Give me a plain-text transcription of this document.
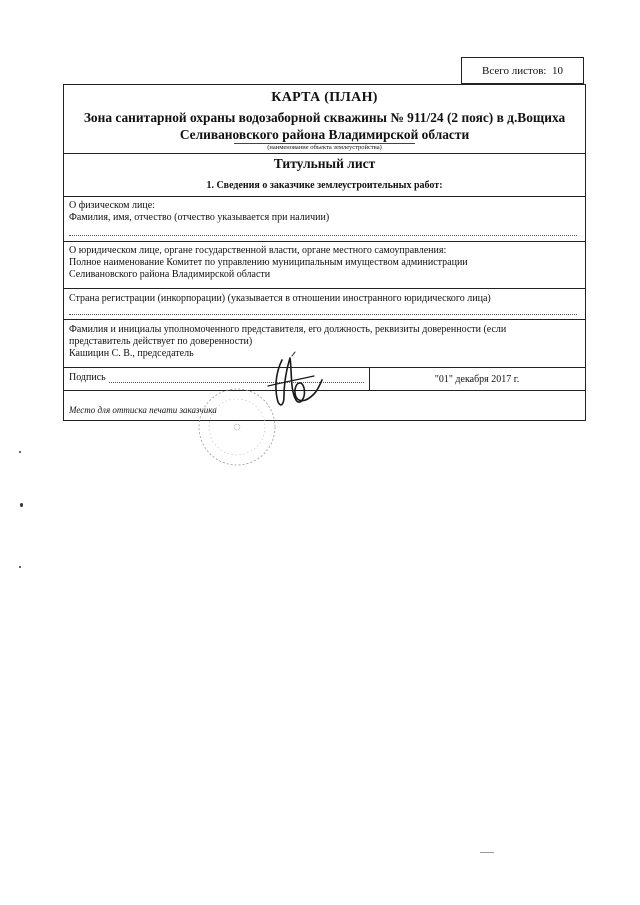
Всего листов:
10
КАРТА (ПЛАН)
Зона санитарной охраны водозаборной скважины № 911/24 (2 пояс) в д.Вощиха
Селивановского района Владимирской области
(наименование объекта землеустройства)
Титульный лист
1. Сведения о заказчике землеустроительных работ:
О физическом лице:
Фамилия, имя, отчество (отчество указывается при наличии)
О юридическом лице, органе государственной власти, органе местного самоуправления:
Полное наименование Комитет по управлению муниципальным имуществом администрации
Селивановского района Владимирской области
Страна регистрации (инкорпорации) (указывается в отношении иностранного юридического лица)
Фамилия и инициалы уполномоченного представителя, его должность, реквизиты доверенности (если
представитель действует по доверенности)
Кашицин С. В., председатель
Подпись	"01" декабря 2017 г.
Место для оттиска печати заказчика
